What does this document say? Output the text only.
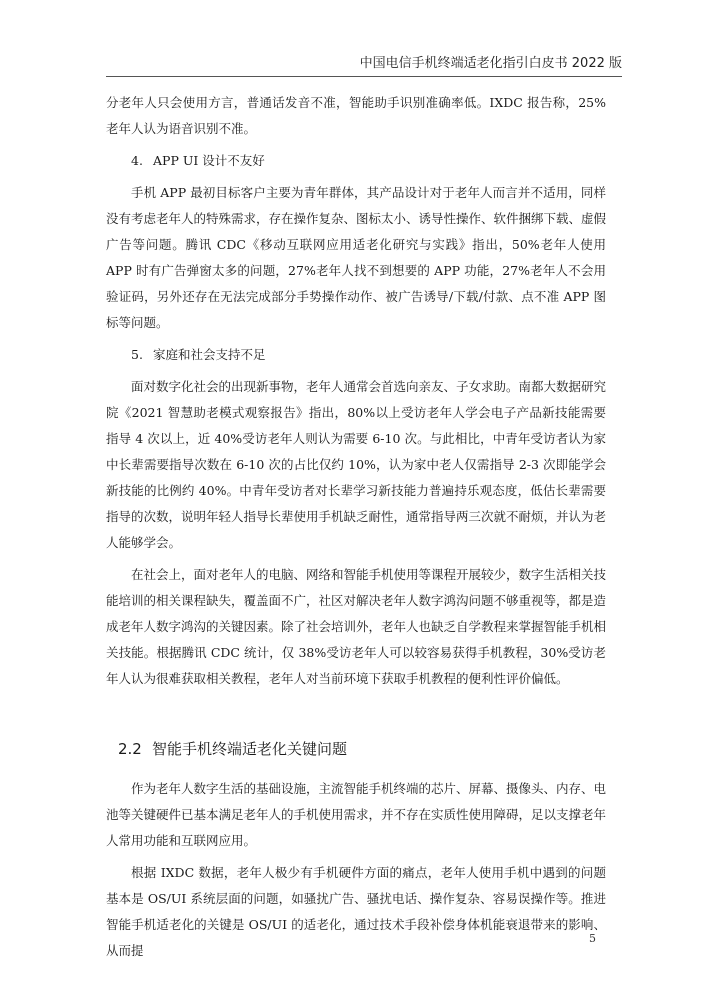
中国电信手机终端适老化指引白皮书 2022 版

分老年人只会使用方言，普通话发音不准，智能助手识别准确率低。IXDC 报告称，25%老年人认为语音识别不准。

4. APP UI 设计不友好

手机 APP 最初目标客户主要为青年群体，其产品设计对于老年人而言并不适用，同样没有考虑老年人的特殊需求，存在操作复杂、图标太小、诱导性操作、软件捆绑下载、虚假广告等问题。腾讯 CDC《移动互联网应用适老化研究与实践》指出，50%老年人使用 APP 时有广告弹窗太多的问题，27%老年人找不到想要的 APP 功能，27%老年人不会用验证码，另外还存在无法完成部分手势操作动作、被广告诱导/下载/付款、点不准 APP 图标等问题。

5. 家庭和社会支持不足

面对数字化社会的出现新事物，老年人通常会首选向亲友、子女求助。南都大数据研究院《2021 智慧助老模式观察报告》指出，80%以上受访老年人学会电子产品新技能需要指导 4 次以上，近 40%受访老年人则认为需要 6-10 次。与此相比，中青年受访者认为家中长辈需要指导次数在 6-10 次的占比仅约 10%，认为家中老人仅需指导 2-3 次即能学会新技能的比例约 40%。中青年受访者对长辈学习新技能力普遍持乐观态度，低估长辈需要指导的次数，说明年轻人指导长辈使用手机缺乏耐性，通常指导两三次就不耐烦，并认为老人能够学会。

在社会上，面对老年人的电脑、网络和智能手机使用等课程开展较少，数字生活相关技能培训的相关课程缺失，覆盖面不广，社区对解决老年人数字鸿沟问题不够重视等，都是造成老年人数字鸿沟的关键因素。除了社会培训外，老年人也缺乏自学教程来掌握智能手机相关技能。根据腾讯 CDC 统计，仅 38%受访老年人可以较容易获得手机教程，30%受访老年人认为很难获取相关教程，老年人对当前环境下获取手机教程的便利性评价偏低。

2.2 智能手机终端适老化关键问题

作为老年人数字生活的基础设施，主流智能手机终端的芯片、屏幕、摄像头、内存、电池等关键硬件已基本满足老年人的手机使用需求，并不存在实质性使用障碍，足以支撑老年人常用功能和互联网应用。

根据 IXDC 数据，老年人极少有手机硬件方面的痛点，老年人使用手机中遇到的问题基本是 OS/UI 系统层面的问题，如骚扰广告、骚扰电话、操作复杂、容易误操作等。推进智能手机适老化的关键是 OS/UI 的适老化，通过技术手段补偿身体机能衰退带来的影响、从而提

5
